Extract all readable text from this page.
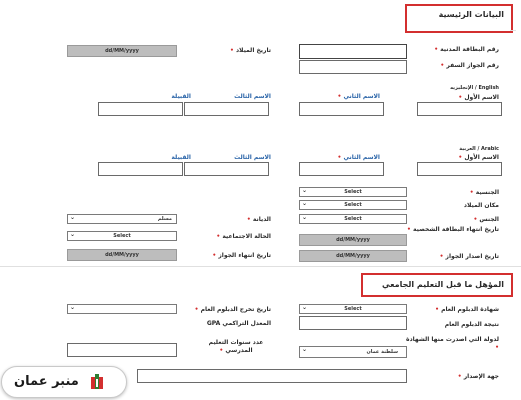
البيانات الرئيسية
رقم البطاقة المدنية •
رقم الجواز السفر •
تاريخ الميلاد •
dd/MM/yyyy
English / الإنجليزيه
الاسم الأول •
الاسم الثاني •
الاسم الثالث
القبيلة
Arabic / العربية
الاسم الأول •
الاسم الثاني •
الاسم الثالث
القبيلة
الجنسية •
⌄	Select
مكان الميلاد
⌄	Select
الجنس •
⌄	Select
الديانة •
⌄	مسلم
تاريخ انتهاء البطاقة الشخصية •
dd/MM/yyyy
الحالة الاجتماعية •
⌄	Select
تاريخ اصدار الجواز •
dd/MM/yyyy
تاريخ انتهاء الجواز •
dd/MM/yyyy
المؤهل ما قبل التعليم الجامعي
شهادة الدبلوم العام •
⌄	Select
تاريخ تخرج الدبلوم العام •
⌄
نتيجة الدبلوم العام
المعدل التراكمي GPA
لدولة التي اصدرت منها الشهادة •
⌄	سلطنة عمان
عدد سنوات التعليم المدرسي •
جهة الإصدار •
منبر عمان
